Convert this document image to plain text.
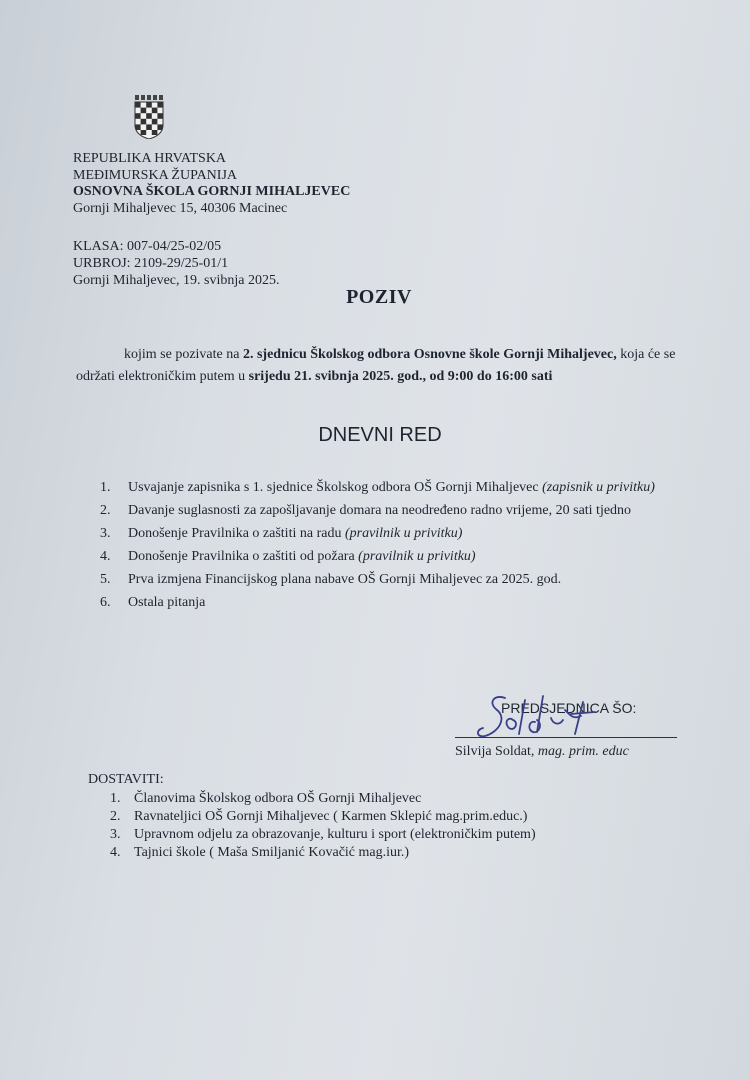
REPUBLIKA HRVATSKA
MEĐIMURSKA ŽUPANIJA
OSNOVNA ŠKOLA GORNJI MIHALJEVEC
Gornji Mihaljevec 15, 40306 Macinec
KLASA: 007-04/25-02/05
URBROJ: 2109-29/25-01/1
Gornji Mihaljevec, 19. svibnja 2025.
POZIV
kojim se pozivate na 2. sjednicu Školskog odbora Osnovne škole Gornji Mihaljevec, koja će se održati elektroničkim putem u srijedu 21. svibnja 2025. god., od 9:00 do 16:00 sati
DNEVNI RED
1. Usvajanje zapisnika s 1. sjednice Školskog odbora OŠ Gornji Mihaljevec (zapisnik u privitku)
2. Davanje suglasnosti za zapošljavanje domara na neodređeno radno vrijeme, 20 sati tjedno
3. Donošenje Pravilnika o zaštiti na radu (pravilnik u privitku)
4. Donošenje Pravilnika o zaštiti od požara (pravilnik u privitku)
5. Prva izmjena Financijskog plana nabave OŠ Gornji Mihaljevec za 2025. god.
6. Ostala pitanja
PREDSJEDNICA ŠO:
Silvija Soldat, mag. prim. educ
DOSTAVITI:
1. Članovima Školskog odbora OŠ Gornji Mihaljevec
2. Ravnateljici OŠ Gornji Mihaljevec ( Karmen Sklepić mag.prim.educ.)
3. Upravnom odjelu za obrazovanje, kulturu i sport (elektroničkim putem)
4. Tajnici škole ( Maša Smiljanić Kovačić mag.iur.)
